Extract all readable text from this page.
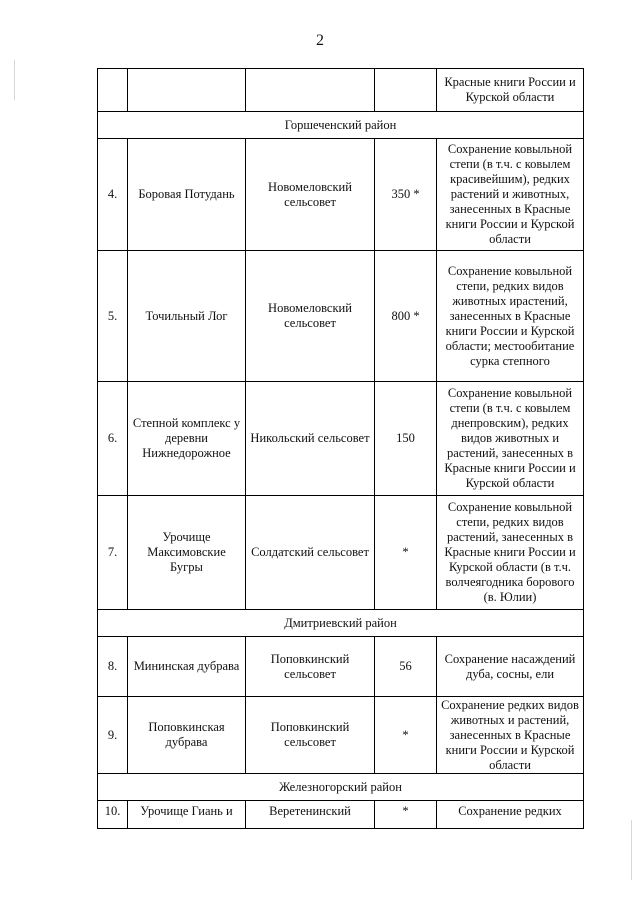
2
				Красные книги России и Курской области
Горшеченский район				
4.	Боровая Потудань	Новомеловский сельсовет	350 *	Сохранение ковыльной степи (в т.ч. с ковылем красивейшим), редких растений и животных, занесенных в Красные книги России и Курской области
5.	Точильный Лог	Новомеловский сельсовет	800 *	Сохранение ковыльной степи, редких видов животных ирастений, занесенных в Красные книги России и Курской области; местообитание сурка степного
6.	Степной комплекс у деревни Нижнедорожное	Никольский сельсовет	150	Сохранение ковыльной степи (в т.ч. с ковылем днепровским), редких видов животных и растений, занесенных в Красные книги России и Курской области
7.	Урочище Максимовские Бугры	Солдатский сельсовет	*	Сохранение ковыльной степи, редких видов растений, занесенных в Красные книги России и Курской области (в т.ч. волчеягодника борового (в. Юлии)
Дмитриевский район				
8.	Мининская дубрава	Поповкинский сельсовет	56	Сохранение насаждений дуба, сосны, ели
9.	Поповкинская дубрава	Поповкинский сельсовет	*	Сохранение редких видов животных и растений, занесенных в Красные книги России и Курской области
Железногорский район				
10.	Урочище Гиань и	Веретенинский	*	Сохранение редких
